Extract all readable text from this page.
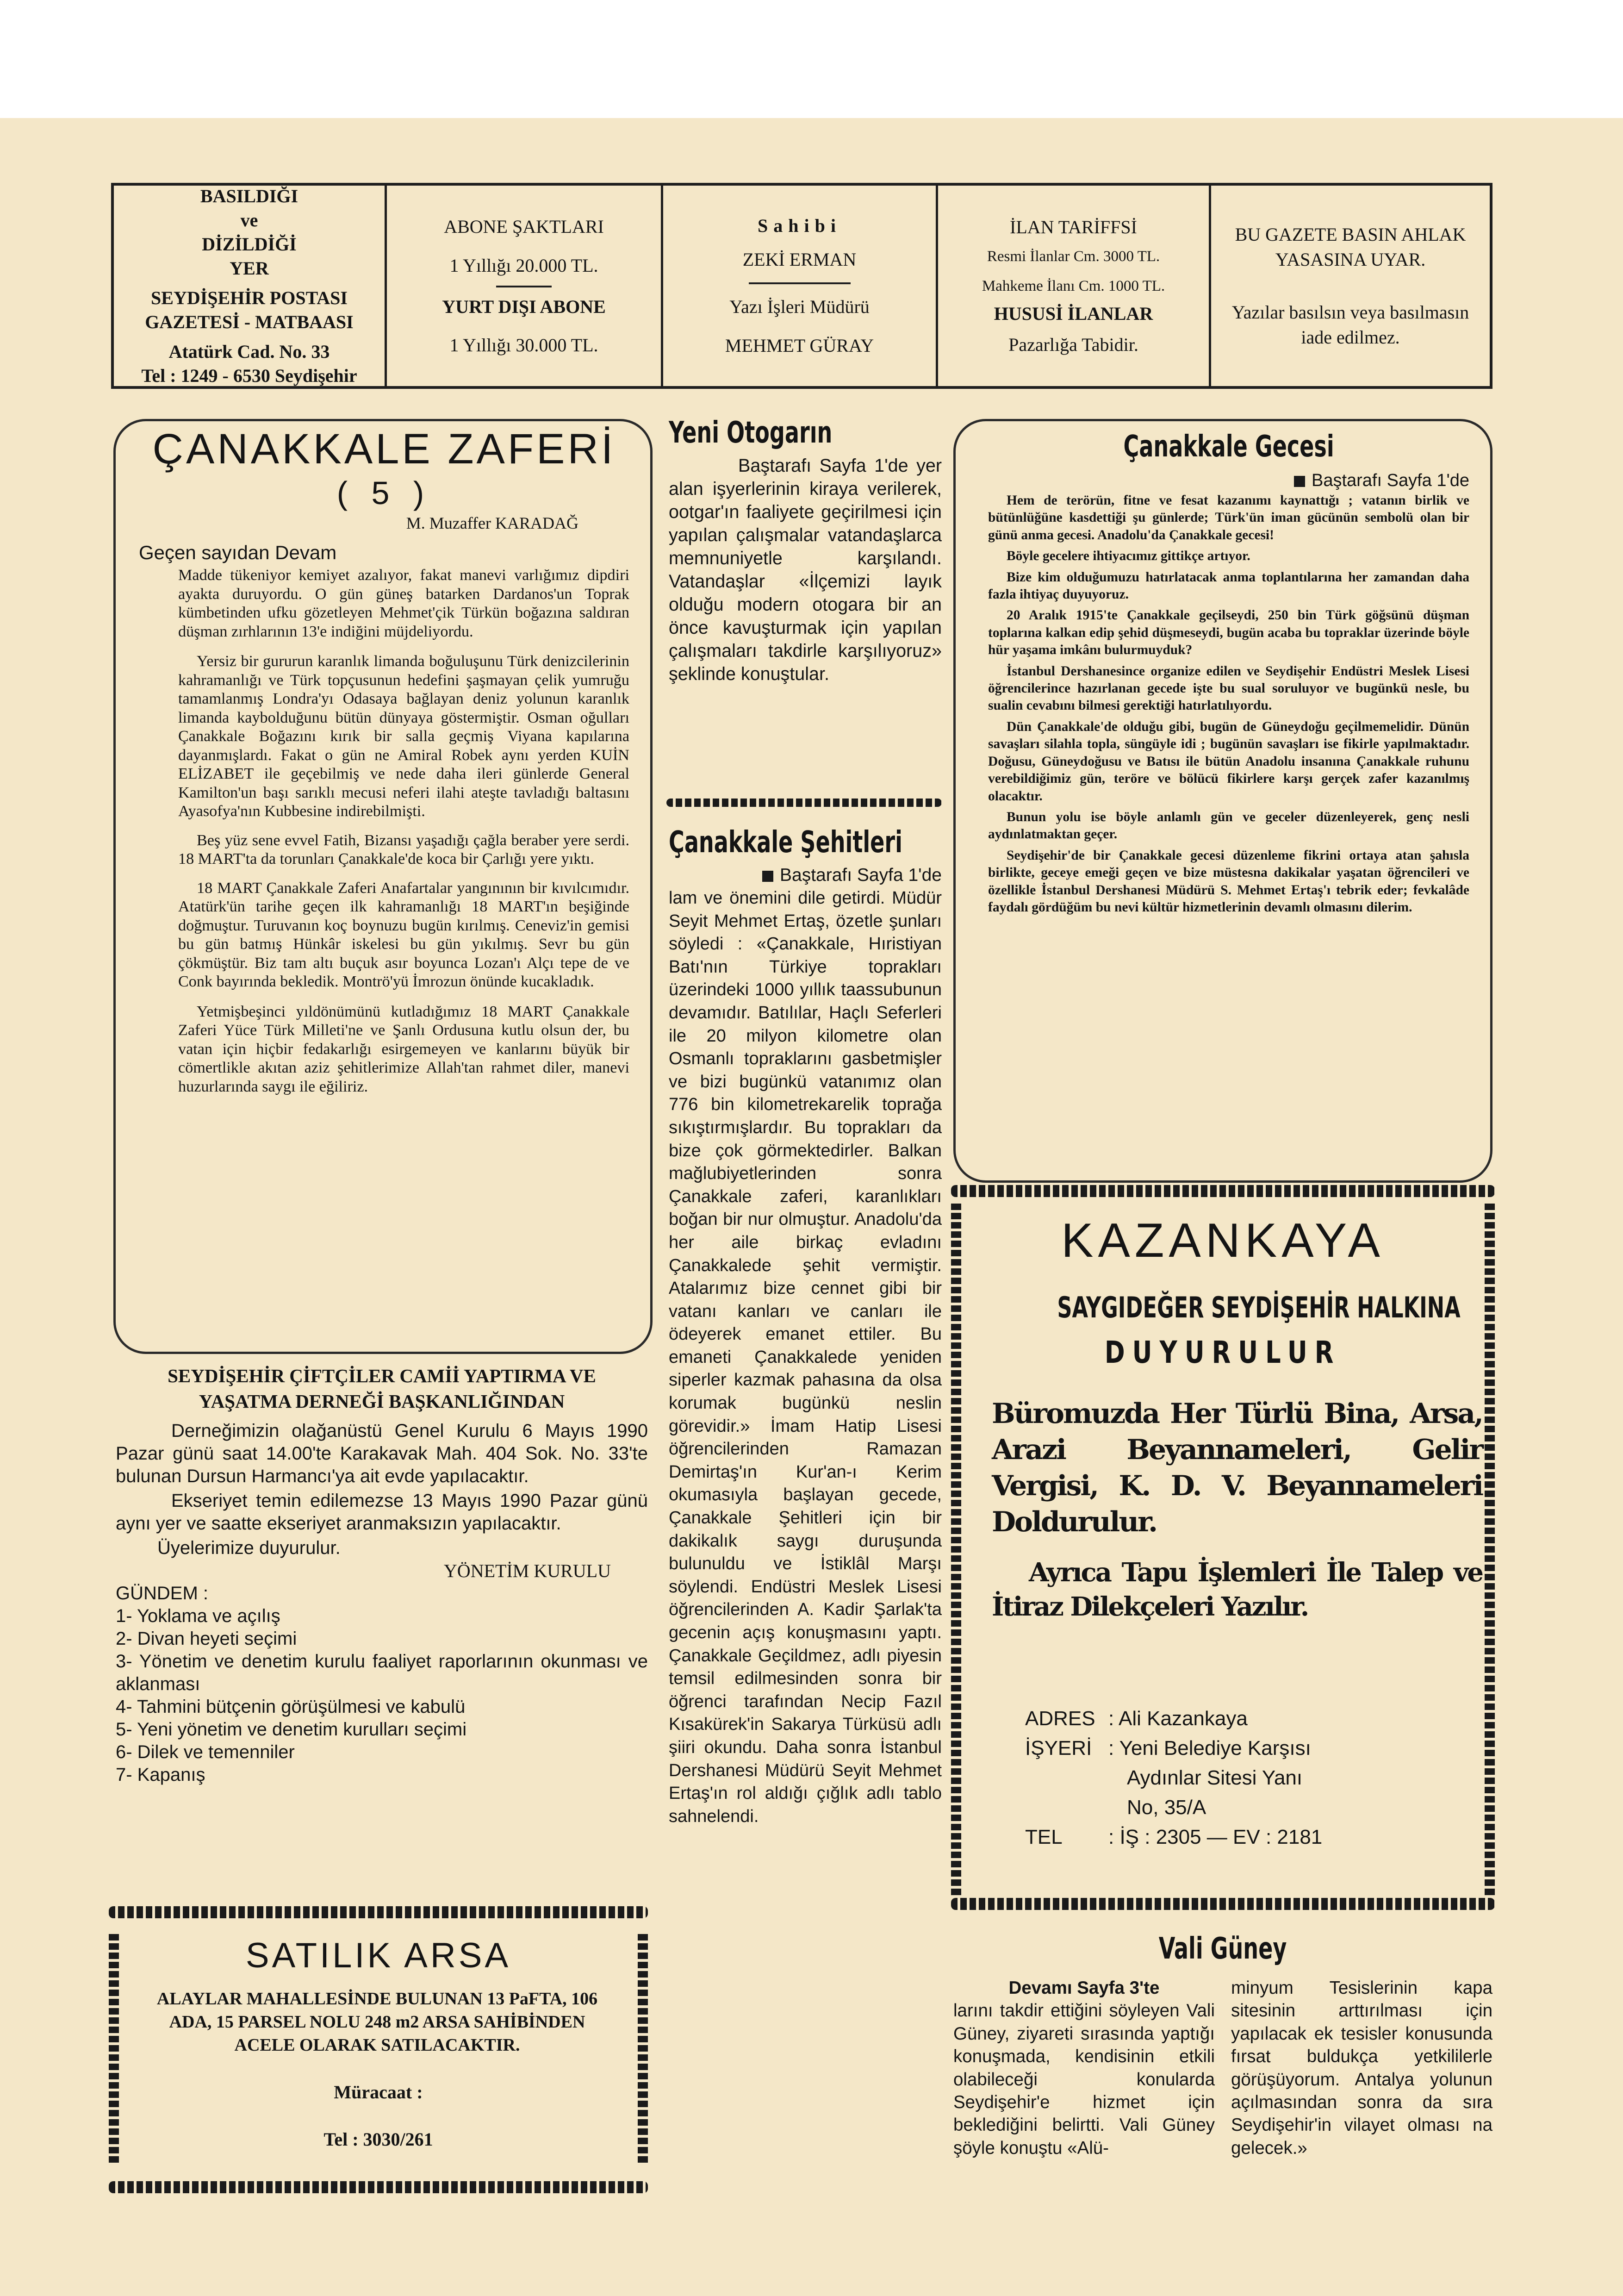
BASILDIĞI ve DİZİLDİĞİ YER
SEYDİŞEHİR POSTASI GAZETESİ - MATBAASI
Atatürk Cad. No. 33
Tel : 1249 - 6530 Seydişehir
ABONE ŞAKTLARI
1 Yıllığı 20.000 TL.
YURT DIŞI ABONE
1 Yıllığı 30.000 TL.
Sahibi
ZEKİ ERMAN
Yazı İşleri Müdürü
MEHMET GÜRAY
İLAN TARİFFSİ
Resmi İlanlar Cm. 3000 TL.
Mahkeme İlanı Cm. 1000 TL.
HUSUSİ İLANLAR
Pazarlığa Tabidir.
BU GAZETE BASIN AHLAK YASASINA UYAR.
Yazılar basılsın veya basılmasın iade edilmez.
ÇANAKKALE ZAFERİ
( 5 )
M. Muzaffer KARADAĞ
Geçen sayıdan Devam

Madde tükeniyor kemiyet azalıyor, fakat manevi varlığımız dipdiri ayakta duruyordu. O gün güneş batarken Dardanos'un Toprak kümbetinden ufku gözetleyen Mehmet'çik Türkün boğazına saldıran düşman zırhlarının 13'e indiğini müjdeliyordu.

Yersiz bir gururun karanlık limanda boğuluşunu Türk denizcilerinin kahramanlığı ve Türk topçusunun hedefini şaşmayan çelik yumruğu tamamlanmış Londra'yı Odasaya bağlayan deniz yolunun karanlık limanda kaybolduğunu bütün dünyaya göstermiştir. Osman oğulları Çanakkale Boğazını kırık bir salla geçmiş Viyana kapılarına dayanmışlardı. Fakat o gün ne Amiral Robek aynı yerden KUİN ELİZABET ile geçebilmiş ve nede daha ileri günlerde General Kamilton'un başı sarıklı mecusi neferi ilahi ateşte tavladığı baltasını Ayasofya'nın Kubbesine indirebilmişti.

Beş yüz sene evvel Fatih, Bizansı yaşadığı çağla beraber yere serdi. 18 MART'ta da torunları Çanakkale'de koca bir Çarlığı yere yıktı.

18 MART Çanakkale Zaferi Anafartalar yangınının bir kıvılcımıdır. Atatürk'ün tarihe geçen ilk kahramanlığı 18 MART'ın beşiğinde doğmuştur. Turuvanın koç boynuzu bugün kırılmış. Ceneviz'in gemisi bu gün batmış Hünkâr iskelesi bu gün yıkılmış. Sevr bu gün çökmüştür. Biz tam altı buçuk asır boyunca Lozan'ı Alçı tepe de ve Conk bayırında bekledik. Montrö'yü İmrozun önünde kucakladık.

Yetmişbeşinci yıldönümünü kutladığımız 18 MART Çanakkale Zaferi Yüce Türk Milleti'ne ve Şanlı Ordusuna kutlu olsun der, bu vatan için hiçbir fedakarlığı esirgemeyen ve kanlarını büyük bir cömertlikle akıtan aziz şehitlerimize Allah'tan rahmet diler, manevi huzurlarında saygı ile eğiliriz.

SEYDİŞEHİR ÇİFTÇİLER CAMİİ YAPTIRMA VE YAŞATMA DERNEĞİ BAŞKANLIĞINDAN

Derneğimizin olağanüstü Genel Kurulu 6 Mayıs 1990 Pazar günü saat 14.00'te Karakavak Mah. 404 Sok. No. 33'te bulunan Dursun Harmancı'ya ait evde yapılacaktır.

Ekseriyet temin edilemezse 13 Mayıs 1990 Pazar günü aynı yer ve saatte ekseriyet aranmaksızın yapılacaktır.

Üyelerimize duyurulur.

YÖNETİM KURULU
GÜNDEM :
1- Yoklama ve açılış
2- Divan heyeti seçimi
3- Yönetim ve denetim kurulu faaliyet raporlarının okunması ve aklanması
4- Tahmini bütçenin görüşülmesi ve kabulü
5- Yeni yönetim ve denetim kurulları seçimi
6- Dilek ve temenniler
7- Kapanış
SATILIK ARSA
ALAYLAR MAHALLESİNDE BULUNAN 13 PaFTA, 106 ADA, 15 PARSEL NOLU 248 m2 ARSA SAHİBİNDEN ACELE OLARAK SATILACAKTIR.
Müracaat :
Tel : 3030/261
Yeni Otogarın

Baştarafı Sayfa 1'de yer alan işyerlerinin kiraya verilerek, ootgar'ın faaliyete geçirilmesi için yapılan çalışmalar vatandaşlarca memnuniyetle karşılandı. Vatandaşlar «İlçemizi layık olduğu modern otogara bir an önce kavuşturmak için yapılan çalışmaları takdirle karşılıyoruz» şeklinde konuştular.

Çanakkale Şehitleri
Baştarafı Sayfa 1'de

lam ve önemini dile getirdi. Müdür Seyit Mehmet Ertaş, özetle şunları söyledi : «Çanakkale, Hıristiyan Batı'nın Türkiye toprakları üzerindeki 1000 yıllık taassubunun devamıdır. Batılılar, Haçlı Seferleri ile 20 milyon kilometre olan Osmanlı topraklarını gasbetmişler ve bizi bugünkü vatanımız olan 776 bin kilometrekarelik toprağa sıkıştırmışlardır. Bu toprakları da bize çok görmektedirler. Balkan mağlubiyetlerinden sonra Çanakkale zaferi, karanlıkları boğan bir nur olmuştur. Anadolu'da her aile birkaç evladını Çanakkalede şehit vermiştir. Atalarımız bize cennet gibi bir vatanı kanları ve canları ile ödeyerek emanet ettiler. Bu emaneti Çanakkalede yeniden siperler kazmak pahasına da olsa korumak bugünkü neslin görevidir.» İmam Hatip Lisesi öğrencilerinden Ramazan Demirtaş'ın Kur'an-ı Kerim okumasıyla başlayan gecede, Çanakkale Şehitleri için bir dakikalık saygı duruşunda bulunuldu ve İstiklâl Marşı söylendi. Endüstri Meslek Lisesi öğrencilerinden A. Kadir Şarlak'ta gecenin açış konuşmasını yaptı. Çanakkale Geçildmez, adlı piyesin temsil edilmesinden sonra bir öğrenci tarafından Necip Fazıl Kısakürek'in Sakarya Türküsü adlı şiiri okundu. Daha sonra İstanbul Dershanesi Müdürü Seyit Mehmet Ertaş'ın rol aldığı çığlık adlı tablo sahnelendi.

Çanakkale Gecesi
Baştarafı Sayfa 1'de

Hem de terörün, fitne ve fesat kazanımı kaynattığı ; vatanın birlik ve bütünlüğüne kasdettiği şu günlerde; Türk'ün iman gücünün sembolü olan bir günü anma gecesi. Anadolu'da Çanakkale gecesi!

Böyle gecelere ihtiyacımız gittikçe artıyor.

Bize kim olduğumuzu hatırlatacak anma toplantılarına her zamandan daha fazla ihtiyaç duyuyoruz.

20 Aralık 1915'te Çanakkale geçilseydi, 250 bin Türk göğsünü düşman toplarına kalkan edip şehid düşmeseydi, bugün acaba bu topraklar üzerinde böyle hür yaşama imkânı bulurmuyduk?

İstanbul Dershanesince organize edilen ve Seydişehir Endüstri Meslek Lisesi öğrencilerince hazırlanan gecede işte bu sual soruluyor ve bugünkü nesle, bu sualin cevabını bilmesi gerektiği hatırlatılıyordu.

Dün Çanakkale'de olduğu gibi, bugün de Güneydoğu geçilmemelidir. Dünün savaşları silahla topla, süngüyle idi ; bugünün savaşları ise fikirle yapılmaktadır. Doğusu, Güneydoğusu ve Batısı ile bütün Anadolu insanına Çanakkale ruhunu verebildiğimiz gün, teröre ve bölücü fikirlere karşı gerçek zafer kazanılmış olacaktır.

Bunun yolu ise böyle anlamlı gün ve geceler düzenleyerek, genç nesli aydınlatmaktan geçer.

Seydişehir'de bir Çanakkale gecesi düzenleme fikrini ortaya atan şahısla birlikte, geceye emeği geçen ve bize müstesna dakikalar yaşatan öğrencileri ve özellikle İstanbul Dershanesi Müdürü S. Mehmet Ertaş'ı tebrik eder; fevkalâde faydalı gördüğüm bu nevi kültür hizmetlerinin devamlı olmasını dilerim.

KAZANKAYA
SAYGIDEĞER SEYDİŞEHİR HALKINA
DUYURULUR
Büromuzda Her Türlü Bina, Arsa, Arazi Beyannameleri, Gelir Vergisi, K. D. V. Beyannameleri Doldurulur.
Ayrıca Tapu İşlemleri İle Talep ve İtiraz Dilekçeleri Yazılır.
ADRES : Ali Kazankaya
İŞYERİ : Yeni Belediye Karşısı
Aydınlar Sitesi Yanı
No, 35/A
TEL	: İŞ : 2305 — EV : 2181
Vali Güney
Devamı Sayfa 3'te

larını takdir ettiğini söyleyen Vali Güney, ziyareti sırasında yaptığı konuşmada, kendisinin etkili olabileceği konularda Seydişehir'e hizmet için beklediğini belirtti. Vali Güney şöyle konuştu «Alü-

minyum Tesislerinin kapa sitesinin arttırılması için yapılacak ek tesisler konusunda fırsat buldukça yetkililerle görüşüyorum. Antalya yolunun açılmasından sonra da sıra Seydişehir'in vilayet olması na gelecek.»
